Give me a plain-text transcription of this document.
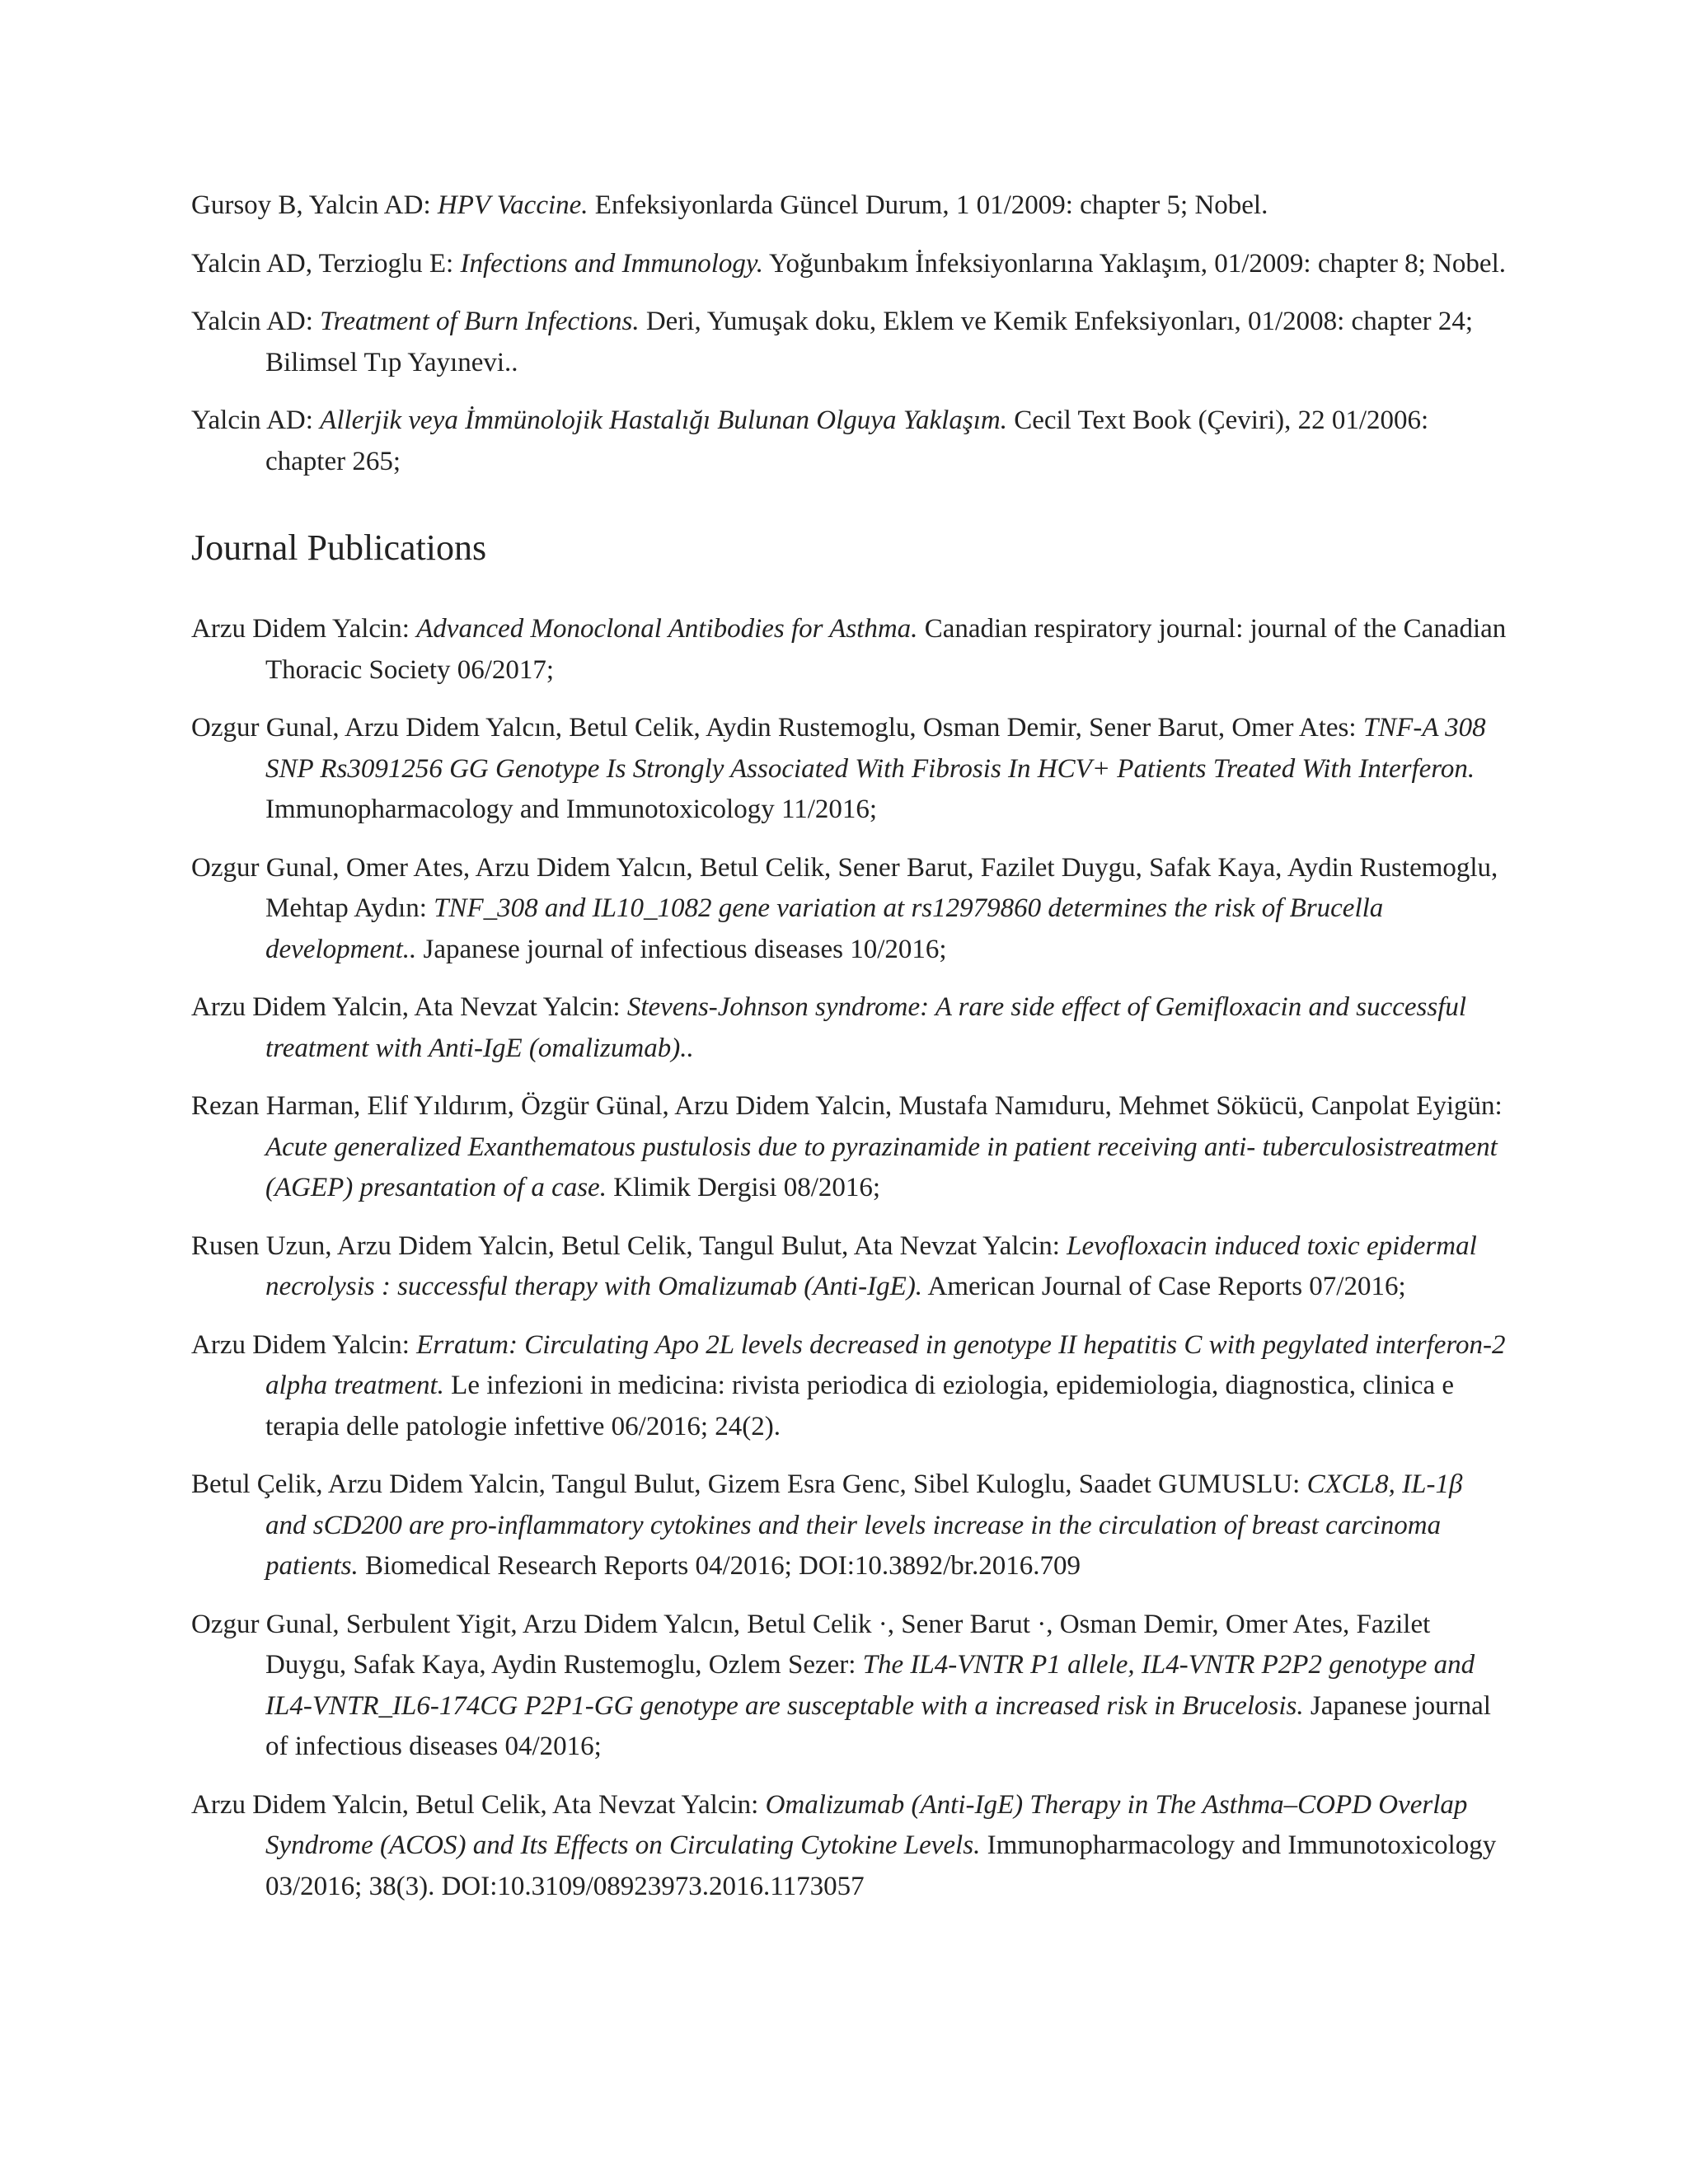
Gursoy B, Yalcin AD: HPV Vaccine. Enfeksiyonlarda Güncel Durum, 1 01/2009: chapter 5; Nobel.

Yalcin AD, Terzioglu E: Infections and Immunology. Yoğunbakım İnfeksiyonlarına Yaklaşım, 01/2009: chapter 8; Nobel.

Yalcin AD: Treatment of Burn Infections. Deri, Yumuşak doku, Eklem ve Kemik Enfeksiyonları, 01/2008: chapter 24; Bilimsel Tıp Yayınevi..

Yalcin AD: Allerjik veya İmmünolojik Hastalığı Bulunan Olguya Yaklaşım. Cecil Text Book (Çeviri), 22 01/2006: chapter 265;

Journal Publications

Arzu Didem Yalcin: Advanced Monoclonal Antibodies for Asthma. Canadian respiratory journal: journal of the Canadian Thoracic Society 06/2017;

Ozgur Gunal, Arzu Didem Yalcın, Betul Celik, Aydin Rustemoglu, Osman Demir, Sener Barut, Omer Ates: TNF-A 308 SNP Rs3091256 GG Genotype Is Strongly Associated With Fibrosis In HCV+ Patients Treated With Interferon. Immunopharmacology and Immunotoxicology 11/2016;

Ozgur Gunal, Omer Ates, Arzu Didem Yalcın, Betul Celik, Sener Barut, Fazilet Duygu, Safak Kaya, Aydin Rustemoglu, Mehtap Aydın: TNF_308 and IL10_1082 gene variation at rs12979860 determines the risk of Brucella development.. Japanese journal of infectious diseases 10/2016;

Arzu Didem Yalcin, Ata Nevzat Yalcin: Stevens-Johnson syndrome: A rare side effect of Gemifloxacin and successful treatment with Anti-IgE (omalizumab)..

Rezan Harman, Elif Yıldırım, Özgür Günal, Arzu Didem Yalcin, Mustafa Namıduru, Mehmet Sökücü, Canpolat Eyigün: Acute generalized Exanthematous pustulosis due to pyrazinamide in patient receiving anti- tuberculosistreatment (AGEP) presantation of a case. Klimik Dergisi 08/2016;

Rusen Uzun, Arzu Didem Yalcin, Betul Celik, Tangul Bulut, Ata Nevzat Yalcin: Levofloxacin induced toxic epidermal necrolysis : successful therapy with Omalizumab (Anti-IgE). American Journal of Case Reports 07/2016;

Arzu Didem Yalcin: Erratum: Circulating Apo 2L levels decreased in genotype II hepatitis C with pegylated interferon-2 alpha treatment. Le infezioni in medicina: rivista periodica di eziologia, epidemiologia, diagnostica, clinica e terapia delle patologie infettive 06/2016; 24(2).

Betul Çelik, Arzu Didem Yalcin, Tangul Bulut, Gizem Esra Genc, Sibel Kuloglu, Saadet GUMUSLU: CXCL8, IL-1β and sCD200 are pro-inflammatory cytokines and their levels increase in the circulation of breast carcinoma patients. Biomedical Research Reports 04/2016; DOI:10.3892/br.2016.709

Ozgur Gunal, Serbulent Yigit, Arzu Didem Yalcın, Betul Celik ·, Sener Barut ·, Osman Demir, Omer Ates, Fazilet Duygu, Safak Kaya, Aydin Rustemoglu, Ozlem Sezer: The IL4-VNTR P1 allele, IL4-VNTR P2P2 genotype and IL4-VNTR_IL6-174CG P2P1-GG genotype are susceptable with a increased risk in Brucelosis. Japanese journal of infectious diseases 04/2016;

Arzu Didem Yalcin, Betul Celik, Ata Nevzat Yalcin: Omalizumab (Anti-IgE) Therapy in The Asthma–COPD Overlap Syndrome (ACOS) and Its Effects on Circulating Cytokine Levels. Immunopharmacology and Immunotoxicology 03/2016; 38(3). DOI:10.3109/08923973.2016.1173057
